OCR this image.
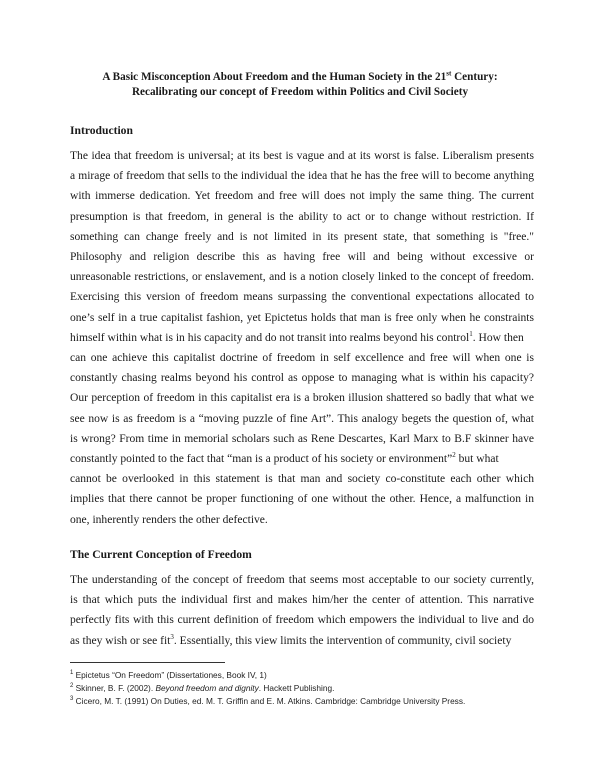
A Basic Misconception About Freedom and the Human Society in the 21st Century:

Recalibrating our concept of Freedom within Politics and Civil Society

Introduction
The idea that freedom is universal; at its best is vague and at its worst is false. Liberalism presents
a mirage of freedom that sells to the individual the idea that he has the free will to become anything
with immerse dedication. Yet freedom and free will does not imply the same thing. The current
presumption is that freedom, in general is the ability to act or to change without restriction. If
something can change freely and is not limited in its present state, that something is "free."
Philosophy and religion describe this as having free will and being without excessive or
unreasonable restrictions, or enslavement, and is a notion closely linked to the concept of freedom.
Exercising this version of freedom means surpassing the conventional expectations allocated to
one’s self in a true capitalist fashion, yet Epictetus holds that man is free only when he constraints
himself within what is in his capacity and do not transit into realms beyond his control$^1$. How then
can one achieve this capitalist doctrine of freedom in self excellence and free will when one is
constantly chasing realms beyond his control as oppose to managing what is within his capacity?
Our perception of freedom in this capitalist era is a broken illusion shattered so badly that what we
see now is as freedom is a “moving puzzle of fine Art”. This analogy begets the question of, what
is wrong? From time in memorial scholars such as Rene Descartes, Karl Marx to B.F skinner have
constantly pointed to the fact that “man is a product of his society or environment”$^2$ but what
cannot be overlooked in this statement is that man and society co-constitute each other which
implies that there cannot be proper functioning of one without the other. Hence, a malfunction in
one, inherently renders the other defective.
The Current Conception of Freedom
The understanding of the concept of freedom that seems most acceptable to our society currently,
is that which puts the individual first and makes him/her the center of attention. This narrative
perfectly fits with this current definition of freedom which empowers the individual to live and do
as they wish or see fit$^3$. Essentially, this view limits the intervention of community, civil society
$^1$ Epictetus “On Freedom” (Dissertationes, Book IV, 1)
$^2$ Skinner, B. F. (2002). Beyond freedom and dignity. Hackett Publishing.
$^3$ Cicero, M. T. (1991) On Duties, ed. M. T. Griffin and E. M. Atkins. Cambridge: Cambridge University Press.
